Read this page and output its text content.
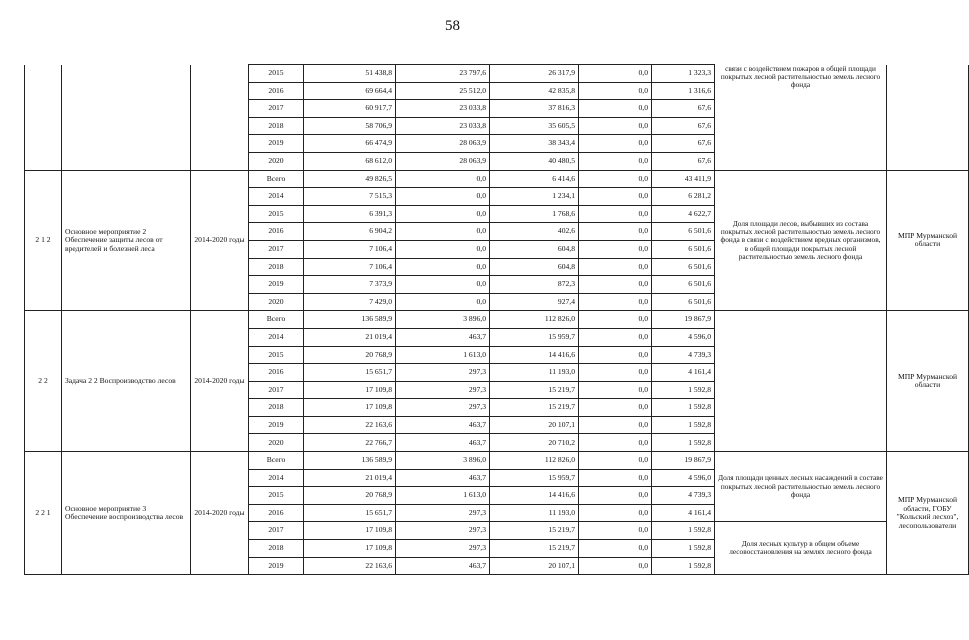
58
			2015	51 438,8	23 797,6	26 317,9	0,0	1 323,3	связи с воздействием пожаров в общей площади покрытых лесной растительностью земель лесного фонда	
			2016	69 664,4	25 512,0	42 835,8	0,0	1 316,6		
			2017	60 917,7	23 033,8	37 816,3	0,0	67,6		
			2018	58 706,9	23 033,8	35 605,5	0,0	67,6		
			2019	66 474,9	28 063,9	38 343,4	0,0	67,6		
			2020	68 612,0	28 063,9	40 480,5	0,0	67,6		
2 1 2	Основное мероприятие 2 Обеспечение защиты лесов от вредителей и болезней леса	2014-2020 годы	Всего	49 826,5	0,0	6 414,6	0,0	43 411,9	Доля площади лесов, выбывших из состава покрытых лесной растительностью земель лесного фонда в связи с воздействием вредных организмов, в общей площади покрытых лесной растительностью земель лесного фонда	МПР Мурманской области
			2014	7 515,3	0,0	1 234,1	0,0	6 281,2		
			2015	6 391,3	0,0	1 768,6	0,0	4 622,7		
			2016	6 904,2	0,0	402,6	0,0	6 501,6		
			2017	7 106,4	0,0	604,8	0,0	6 501,6		
			2018	7 106,4	0,0	604,8	0,0	6 501,6		
			2019	7 373,9	0,0	872,3	0,0	6 501,6		
			2020	7 429,0	0,0	927,4	0,0	6 501,6		
2 2	Задача 2 2 Воспроизводство лесов	2014-2020 годы	Всего	136 589,9	3 896,0	112 826,0	0,0	19 867,9		МПР Мурманской области
			2014	21 019,4	463,7	15 959,7	0,0	4 596,0		
			2015	20 768,9	1 613,0	14 416,6	0,0	4 739,3		
			2016	15 651,7	297,3	11 193,0	0,0	4 161,4		
			2017	17 109,8	297,3	15 219,7	0,0	1 592,8		
			2018	17 109,8	297,3	15 219,7	0,0	1 592,8		
			2019	22 163,6	463,7	20 107,1	0,0	1 592,8		
			2020	22 766,7	463,7	20 710,2	0,0	1 592,8		
2 2 1	Основное мероприятие 3 Обеспечение воспроизводства лесов	2014-2020 годы	Всего	136 589,9	3 896,0	112 826,0	0,0	19 867,9	Доля площади ценных лесных насаждений в составе покрытых лесной растительностью земель лесного фонда	МПР Мурманской области, ГОБУ "Кольский лесхоз", лесопользователи
			2014	21 019,4	463,7	15 959,7	0,0	4 596,0		
			2015	20 768,9	1 613,0	14 416,6	0,0	4 739,3		
			2016	15 651,7	297,3	11 193,0	0,0	4 161,4		
			2017	17 109,8	297,3	15 219,7	0,0	1 592,8	Доля лесных культур в общем объеме лесовосстановления на землях лесного фонда	
			2018	17 109,8	297,3	15 219,7	0,0	1 592,8		
			2019	22 163,6	463,7	20 107,1	0,0	1 592,8		
